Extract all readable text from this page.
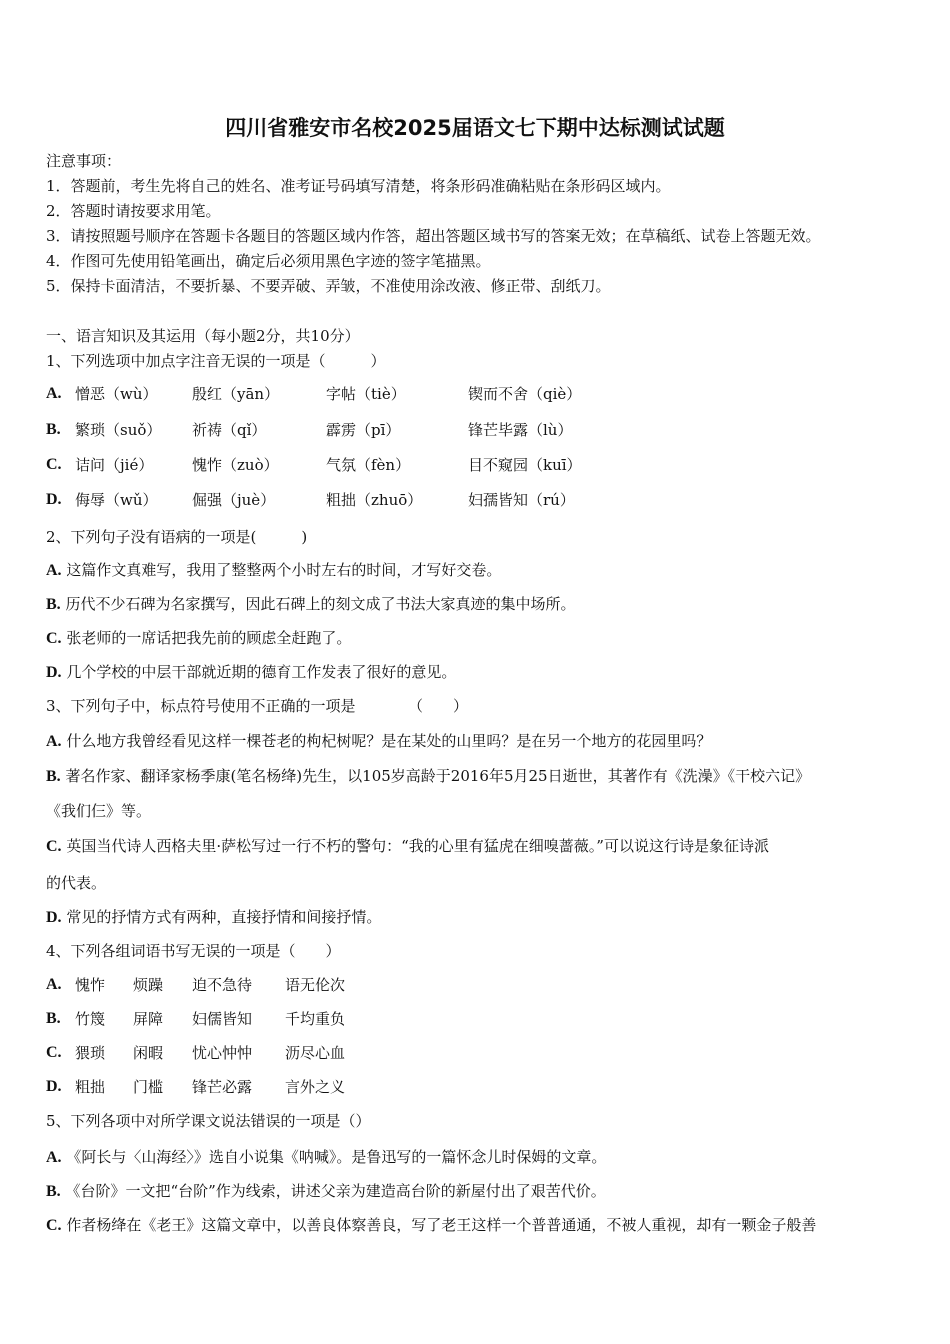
四川省雅安市名校2025届语文七下期中达标测试试题
注意事项：
1．答题前，考生先将自己的姓名、准考证号码填写清楚，将条形码准确粘贴在条形码区域内。
2．答题时请按要求用笔。
3．请按照题号顺序在答题卡各题目的答题区域内作答，超出答题区域书写的答案无效；在草稿纸、试卷上答题无效。
4．作图可先使用铅笔画出，确定后必须用黑色字迹的签字笔描黑。
5．保持卡面清洁，不要折暴、不要弄破、弄皱，不准使用涂改液、修正带、刮纸刀。
一、语言知识及其运用（每小题2分，共10分）
1、下列选项中加点字注音无误的一项是（　　　）
A. 憎恶（wù） 殷红（yān）	字帖（tiè）	锲而不舍（qiè）
B. 繁琐（suǒ） 祈祷（qǐ）	霹雳（pī）	锋芒毕露（lù）
C. 诘问（jié）	愧怍（zuò）	气氛（fèn）	目不窥园（kuī）
D. 侮辱（wǔ） 倔强（juè）	粗拙（zhuō）	妇孺皆知（rú）
2、下列句子没有语病的一项是(　　　)
A. 这篇作文真难写，我用了整整两个小时左右的时间，才写好交卷。
B. 历代不少石碑为名家撰写，因此石碑上的刻文成了书法大家真迹的集中场所。
C. 张老师的一席话把我先前的顾虑全赶跑了。
D. 几个学校的中层干部就近期的德育工作发表了很好的意见。
3、下列句子中，标点符号使用不正确的一项是　　　　（　　）
A. 什么地方我曾经看见这样一棵苍老的枸杞树呢？是在某处的山里吗？是在另一个地方的花园里吗？
B. 著名作家、翻译家杨季康(笔名杨绛)先生，以105岁高龄于2016年5月25日逝世，其著作有《洗澡》《干校六记》
《我们仨》等。
C. 英国当代诗人西格夫里·萨松写过一行不朽的警句：“我的心里有猛虎在细嗅蔷薇。”可以说这行诗是象征诗派
的代表。
D. 常见的抒情方式有两种，直接抒情和间接抒情。
4、下列各组词语书写无误的一项是（　　）
A. 愧怍 烦躁 迫不急待 语无伦次
B. 竹篾 屏障 妇儒皆知 千均重负
C. 猥琐 闲暇 忧心忡忡 沥尽心血
D. 粗拙 门槛 锋芒必露 言外之义
5、下列各项中对所学课文说法错误的一项是（）
A. 《阿长与〈山海经〉》选自小说集《呐喊》。是鲁迅写的一篇怀念儿时保姆的文章。
B. 《台阶》一文把“台阶”作为线索，讲述父亲为建造高台阶的新屋付出了艰苦代价。
C. 作者杨绛在《老王》这篇文章中，以善良体察善良，写了老王这样一个普普通通，不被人重视，却有一颗金子般善
